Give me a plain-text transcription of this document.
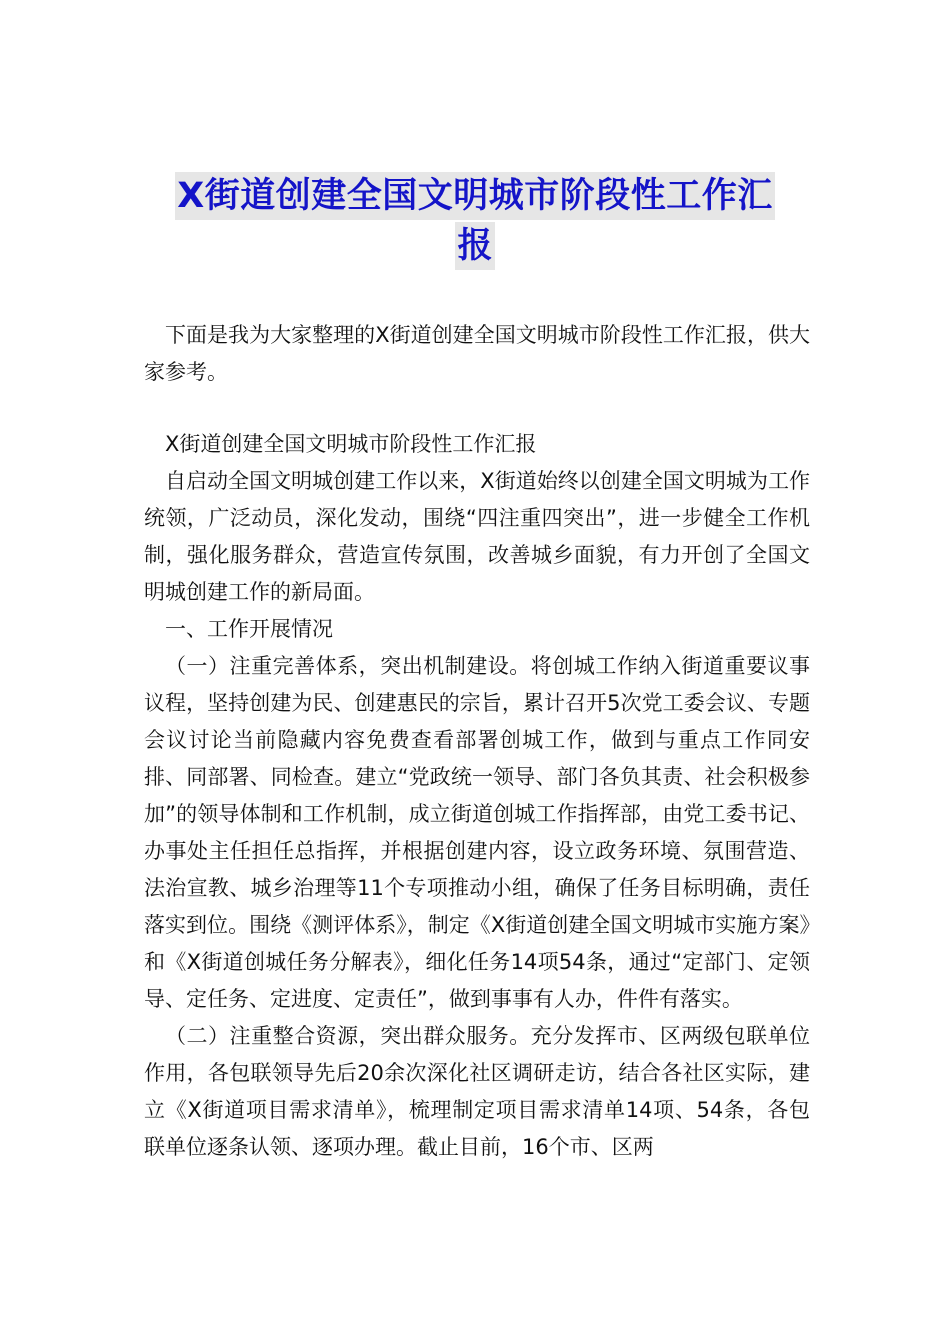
X街道创建全国文明城市阶段性工作汇
报

下面是我为大家整理的X街道创建全国文明城市阶段性工作汇报，供大家参考。

X街道创建全国文明城市阶段性工作汇报

自启动全国文明城创建工作以来，X街道始终以创建全国文明城为工作统领，广泛动员，深化发动，围绕“四注重四突出”，进一步健全工作机制，强化服务群众，营造宣传氛围，改善城乡面貌，有力开创了全国文明城创建工作的新局面。

一、工作开展情况

（一）注重完善体系，突出机制建设。将创城工作纳入街道重要议事议程，坚持创建为民、创建惠民的宗旨，累计召开5次党工委会议、专题会议讨论当前隐藏内容免费查看部署创城工作，做到与重点工作同安排、同部署、同检查。建立“党政统一领导、部门各负其责、社会积极参加”的领导体制和工作机制，成立街道创城工作指挥部，由党工委书记、办事处主任担任总指挥，并根据创建内容，设立政务环境、氛围营造、法治宣教、城乡治理等11个专项推动小组，确保了任务目标明确，责任落实到位。围绕《测评体系》，制定《X街道创建全国文明城市实施方案》和《X街道创城任务分解表》，细化任务14项54条，通过“定部门、定领导、定任务、定进度、定责任”，做到事事有人办，件件有落实。

（二）注重整合资源，突出群众服务。充分发挥市、区两级包联单位作用，各包联领导先后20余次深化社区调研走访，结合各社区实际，建立《X街道项目需求清单》，梳理制定项目需求清单14项、54条，各包联单位逐条认领、逐项办理。截止目前，16个市、区两
